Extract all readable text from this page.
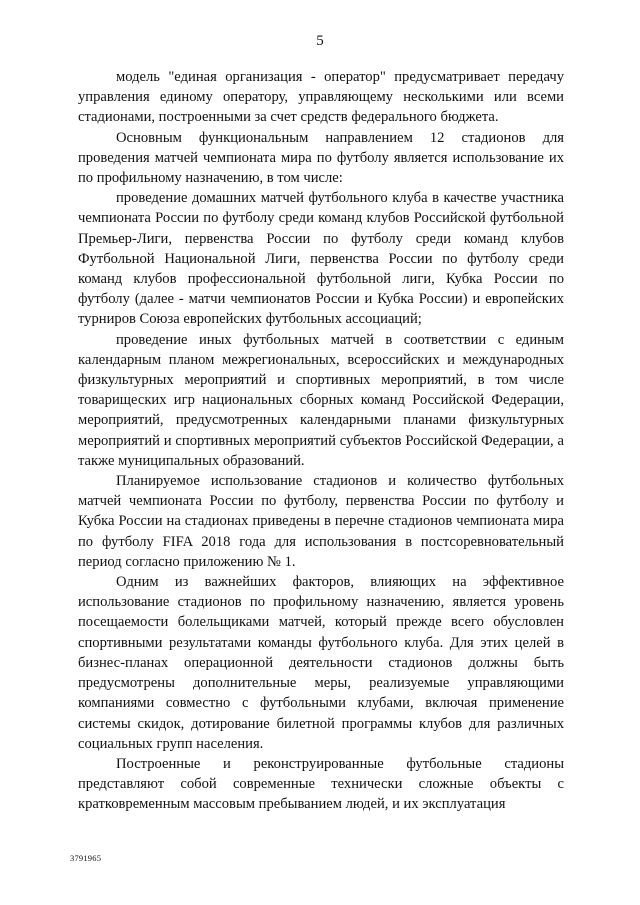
5

модель "единая организация - оператор" предусматривает передачу управления единому оператору, управляющему несколькими или всеми стадионами, построенными за счет средств федерального бюджета.

Основным функциональным направлением 12 стадионов для проведения матчей чемпионата мира по футболу является использование их по профильному назначению, в том числе:

проведение домашних матчей футбольного клуба в качестве участника чемпионата России по футболу среди команд клубов Российской футбольной Премьер-Лиги, первенства России по футболу среди команд клубов Футбольной Национальной Лиги, первенства России по футболу среди команд клубов профессиональной футбольной лиги, Кубка России по футболу (далее - матчи чемпионатов России и Кубка России) и европейских турниров Союза европейских футбольных ассоциаций;

проведение иных футбольных матчей в соответствии с единым календарным планом межрегиональных, всероссийских и международных физкультурных мероприятий и спортивных мероприятий, в том числе товарищеских игр национальных сборных команд Российской Федерации, мероприятий, предусмотренных календарными планами физкультурных мероприятий и спортивных мероприятий субъектов Российской Федерации, а также муниципальных образований.

Планируемое использование стадионов и количество футбольных матчей чемпионата России по футболу, первенства России по футболу и Кубка России на стадионах приведены в перечне стадионов чемпионата мира по футболу FIFA 2018 года для использования в постсоревновательный период согласно приложению № 1.

Одним из важнейших факторов, влияющих на эффективное использование стадионов по профильному назначению, является уровень посещаемости болельщиками матчей, который прежде всего обусловлен спортивными результатами команды футбольного клуба. Для этих целей в бизнес-планах операционной деятельности стадионов должны быть предусмотрены дополнительные меры, реализуемые управляющими компаниями совместно с футбольными клубами, включая применение системы скидок, дотирование билетной программы клубов для различных социальных групп населения.

Построенные и реконструированные футбольные стадионы представляют собой современные технически сложные объекты с кратковременным массовым пребыванием людей, и их эксплуатация

3791965
